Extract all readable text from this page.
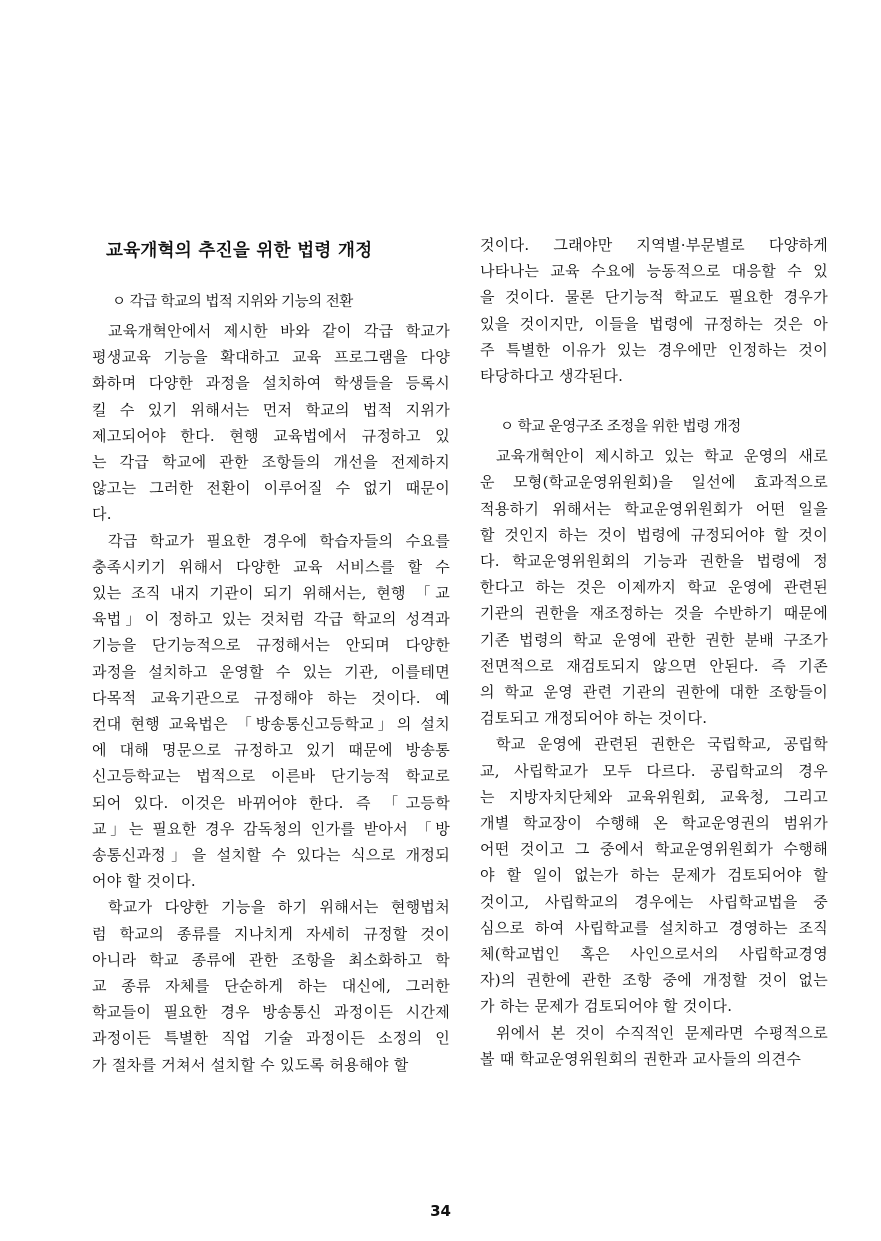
교육개혁의 추진을 위한 법령 개정
ㅇ 각급 학교의 법적 지위와 기능의 전환
교육개혁안에서 제시한 바와 같이 각급 학교가
평생교육 기능을 확대하고 교육 프로그램을 다양
화하며 다양한 과정을 설치하여 학생들을 등록시
킬 수 있기 위해서는 먼저 학교의 법적 지위가
제고되어야 한다. 현행 교육법에서 규정하고 있
는 각급 학교에 관한 조항들의 개선을 전제하지
않고는 그러한 전환이 이루어질 수 없기 때문이
다.
각급 학교가 필요한 경우에 학습자들의 수요를
충족시키기 위해서 다양한 교육 서비스를 할 수
있는 조직 내지 기관이 되기 위해서는, 현행 「교
육법」이 정하고 있는 것처럼 각급 학교의 성격과
기능을 단기능적으로 규정해서는 안되며 다양한
과정을 설치하고 운영할 수 있는 기관, 이를테면
다목적 교육기관으로 규정해야 하는 것이다. 예
컨대 현행 교육법은 「방송통신고등학교」의 설치
에 대해 명문으로 규정하고 있기 때문에 방송통
신고등학교는 법적으로 이른바 단기능적 학교로
되어 있다. 이것은 바뀌어야 한다. 즉 「고등학
교」는 필요한 경우 감독청의 인가를 받아서 「방
송통신과정」을 설치할 수 있다는 식으로 개정되
어야 할 것이다.
학교가 다양한 기능을 하기 위해서는 현행법처
럼 학교의 종류를 지나치게 자세히 규정할 것이
아니라 학교 종류에 관한 조항을 최소화하고 학
교 종류 자체를 단순하게 하는 대신에, 그러한
학교들이 필요한 경우 방송통신 과정이든 시간제
과정이든 특별한 직업 기술 과정이든 소정의 인
가 절차를 거쳐서 설치할 수 있도록 허용해야 할
것이다. 그래야만 지역별·부문별로 다양하게
나타나는 교육 수요에 능동적으로 대응할 수 있
을 것이다. 물론 단기능적 학교도 필요한 경우가
있을 것이지만, 이들을 법령에 규정하는 것은 아
주 특별한 이유가 있는 경우에만 인정하는 것이
타당하다고 생각된다.
ㅇ 학교 운영구조 조정을 위한 법령 개정
교육개혁안이 제시하고 있는 학교 운영의 새로
운 모형(학교운영위원회)을 일선에 효과적으로
적용하기 위해서는 학교운영위원회가 어떤 일을
할 것인지 하는 것이 법령에 규정되어야 할 것이
다. 학교운영위원회의 기능과 권한을 법령에 정
한다고 하는 것은 이제까지 학교 운영에 관련된
기관의 권한을 재조정하는 것을 수반하기 때문에
기존 법령의 학교 운영에 관한 권한 분배 구조가
전면적으로 재검토되지 않으면 안된다. 즉 기존
의 학교 운영 관련 기관의 권한에 대한 조항들이
검토되고 개정되어야 하는 것이다.
학교 운영에 관련된 권한은 국립학교, 공립학
교, 사립학교가 모두 다르다. 공립학교의 경우
는 지방자치단체와 교육위원회, 교육청, 그리고
개별 학교장이 수행해 온 학교운영권의 범위가
어떤 것이고 그 중에서 학교운영위원회가 수행해
야 할 일이 없는가 하는 문제가 검토되어야 할
것이고, 사립학교의 경우에는 사립학교법을 중
심으로 하여 사립학교를 설치하고 경영하는 조직
체(학교법인 혹은 사인으로서의 사립학교경영
자)의 권한에 관한 조항 중에 개정할 것이 없는
가 하는 문제가 검토되어야 할 것이다.
위에서 본 것이 수직적인 문제라면 수평적으로
볼 때 학교운영위원회의 권한과 교사들의 의견수
34
